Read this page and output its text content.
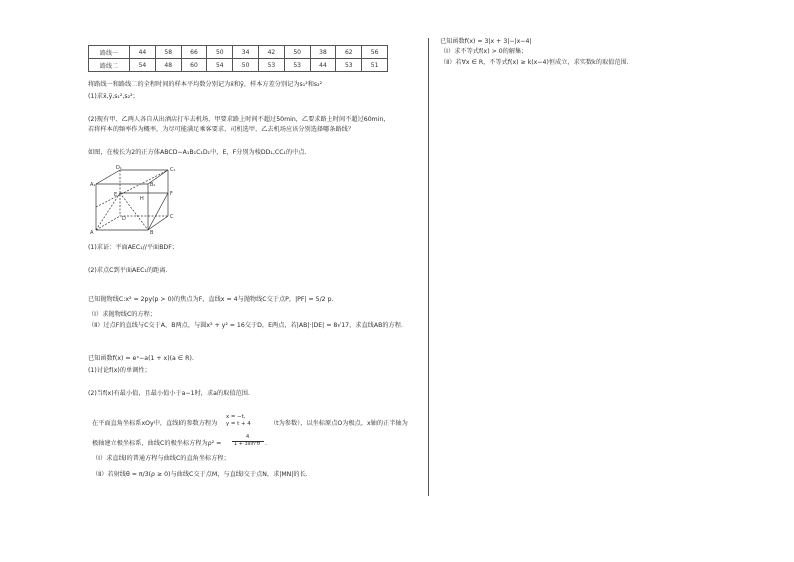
路线一	44	58	66	50	34	42	50	38	62	56
路线二	54	48	60	54	50	53	53	44	53	51
将路线一和路线二的全程时间的样本平均数分别记为x̄和ȳ，样本方差分别记为s₁²和s₂²
(1)求x̄,ȳ,s₁²,s₂²；
(2)现有甲、乙两人各自从出酒店打车去机场，甲要求路上时间不超过50min，乙要求路上时间不超过60min，
若将样本的频率作为概率，为尽可能满足乘客要求，司机选甲、乙去机场应该分别选择哪条路线？
如图，在棱长为2的正方体ABCD−A₁B₁C₁D₁中，E，F分别为棱DD₁,CC₁的中点.
D₁	C₁
A₁	B₁
E	F
H
D	C
A	B
(1)求证：平面AEC₁//平面BDF；
(2)求点C到平面AEC₁的距离.
已知抛物线C:x² = 2py(p > 0)的焦点为F，直线x = 4与抛物线C交于点P，|PF| = 5/2 p.
（Ⅰ）求抛物线C的方程；
（Ⅱ）过点F的直线与C交于A，B两点，与圆x² + y² = 16交于D，E两点，若|AB|·|DE| = 8√17，求直线AB的方程.
已知函数f(x) = eˣ−a(1 + x)(a ∈ R).
(1)讨论f(x)的单调性；
(2)当f(x)有最小值，且最小值小于a−1时，求a的取值范围.
在平面直角坐标系xOy中，直线l的参数方程为
x = −t,
y = t + 4	（t为参数），以坐标原点O为极点，x轴的正半轴为
极轴建立极坐标系，曲线C的极坐标方程为ρ² =
4
1 + 3sin²θ .
（Ⅰ）求直线l的普通方程与曲线C的直角坐标方程；
（Ⅱ）若射线θ = π/3(ρ ≥ 0)与曲线C交于点M，与直线l交于点N，求|MN|的长.
已知函数f(x) = 3|x + 3|−|x−4|
（Ⅰ）求不等式f(x) > 0的解集；
（Ⅱ）若∀x ∈ R，不等式f(x) ≥ k(x−4)恒成立，求实数k的取值范围.
